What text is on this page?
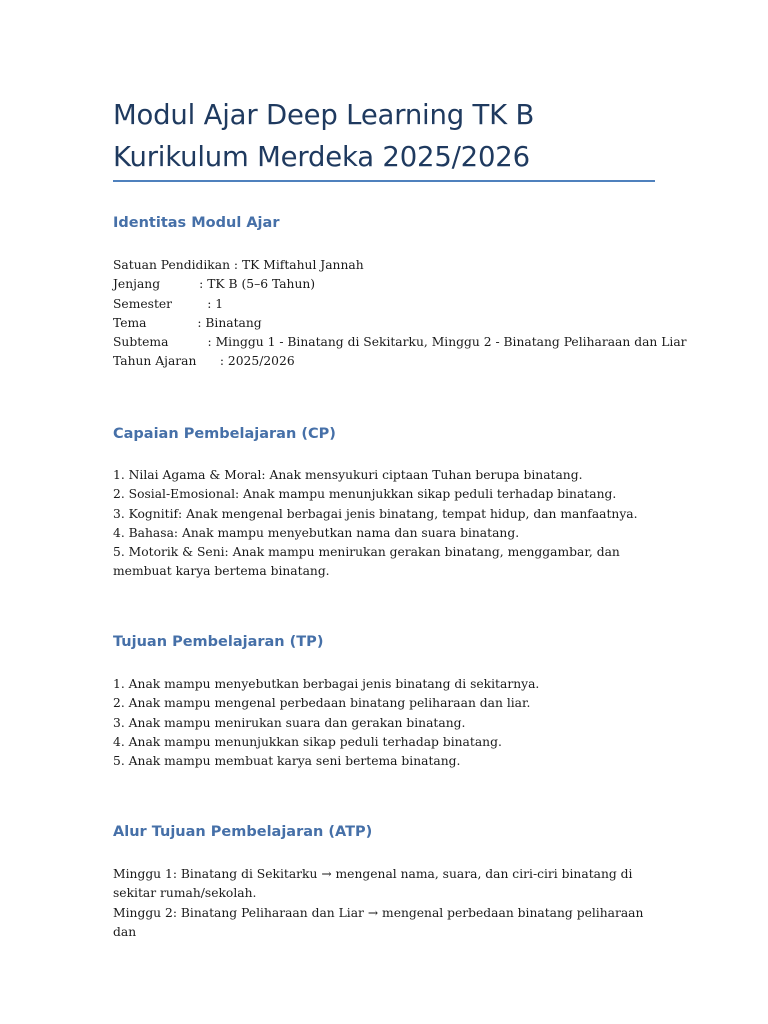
Modul Ajar Deep Learning TK B
Kurikulum Merdeka 2025/2026
Identitas Modul Ajar
Satuan Pendidikan : TK Miftahul Jannah
Jenjang          : TK B (5–6 Tahun)
Semester         : 1
Tema             : Binatang
Subtema          : Minggu 1 - Binatang di Sekitarku, Minggu 2 - Binatang Peliharaan dan Liar
Tahun Ajaran      : 2025/2026
Capaian Pembelajaran (CP)
1. Nilai Agama & Moral: Anak mensyukuri ciptaan Tuhan berupa binatang.
2. Sosial-Emosional: Anak mampu menunjukkan sikap peduli terhadap binatang.
3. Kognitif: Anak mengenal berbagai jenis binatang, tempat hidup, dan manfaatnya.
4. Bahasa: Anak mampu menyebutkan nama dan suara binatang.
5. Motorik & Seni: Anak mampu menirukan gerakan binatang, menggambar, dan membuat karya bertema binatang.
Tujuan Pembelajaran (TP)
1. Anak mampu menyebutkan berbagai jenis binatang di sekitarnya.
2. Anak mampu mengenal perbedaan binatang peliharaan dan liar.
3. Anak mampu menirukan suara dan gerakan binatang.
4. Anak mampu menunjukkan sikap peduli terhadap binatang.
5. Anak mampu membuat karya seni bertema binatang.
Alur Tujuan Pembelajaran (ATP)
Minggu 1: Binatang di Sekitarku → mengenal nama, suara, dan ciri-ciri binatang di sekitar rumah/sekolah.
Minggu 2: Binatang Peliharaan dan Liar → mengenal perbedaan binatang peliharaan dan
